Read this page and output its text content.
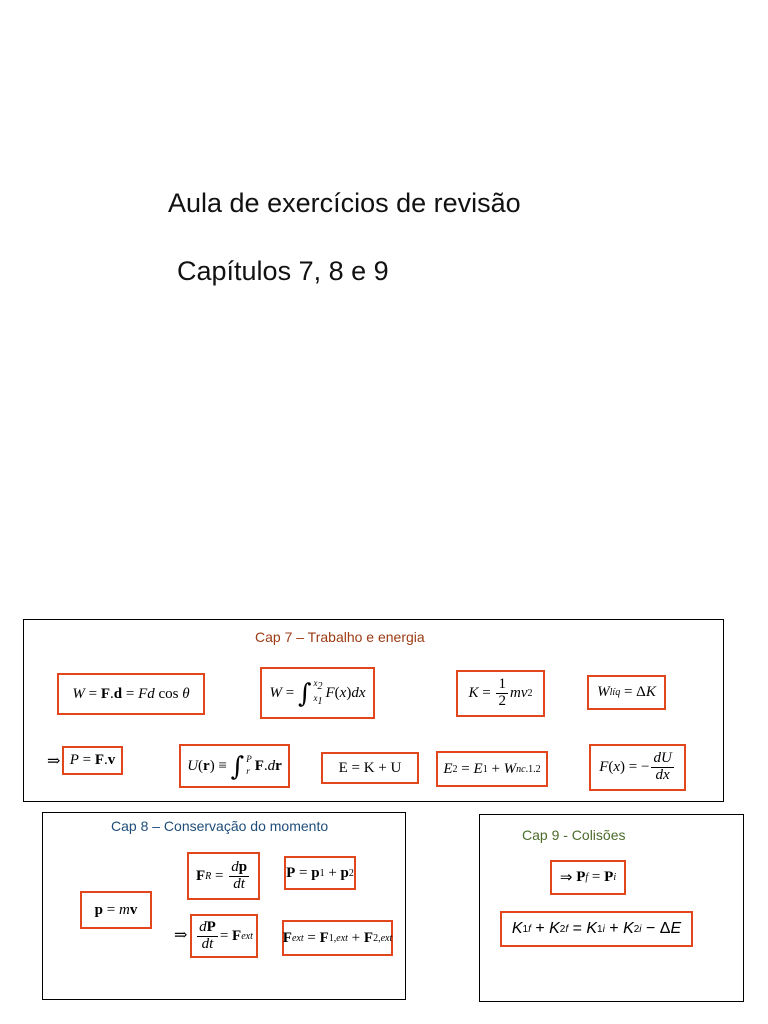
Aula de exercícios de revisão
Capítulos 7, 8 e 9
Cap 7 – Trabalho e energia
W = F . d = Fd cos θ	W = ∫ $x_2$
$x_1$
F ( x ) dx	$K = \frac{1}{2}$ mv 2	W líq = Δ K
⇒ P = F . v	U ( r ) ≡ ∫ P
r F . d r	E = K + U	E 2 = E 1 + W nc.1.2	F ( x ) = − $\frac{dU}{dx}$
Cap 8 – Conservação do momento
p = m v
F $R = \frac{dp}{dt}$ P = p 1 + p 2
⇒ $\frac{dP}{dt} = F$ ext F ext = F 1,ext + F 2,ext
Cap 9 - Colisões
⇒ P f = P i
K 1f + K 2f = K 1i + K 2i − Δ E
